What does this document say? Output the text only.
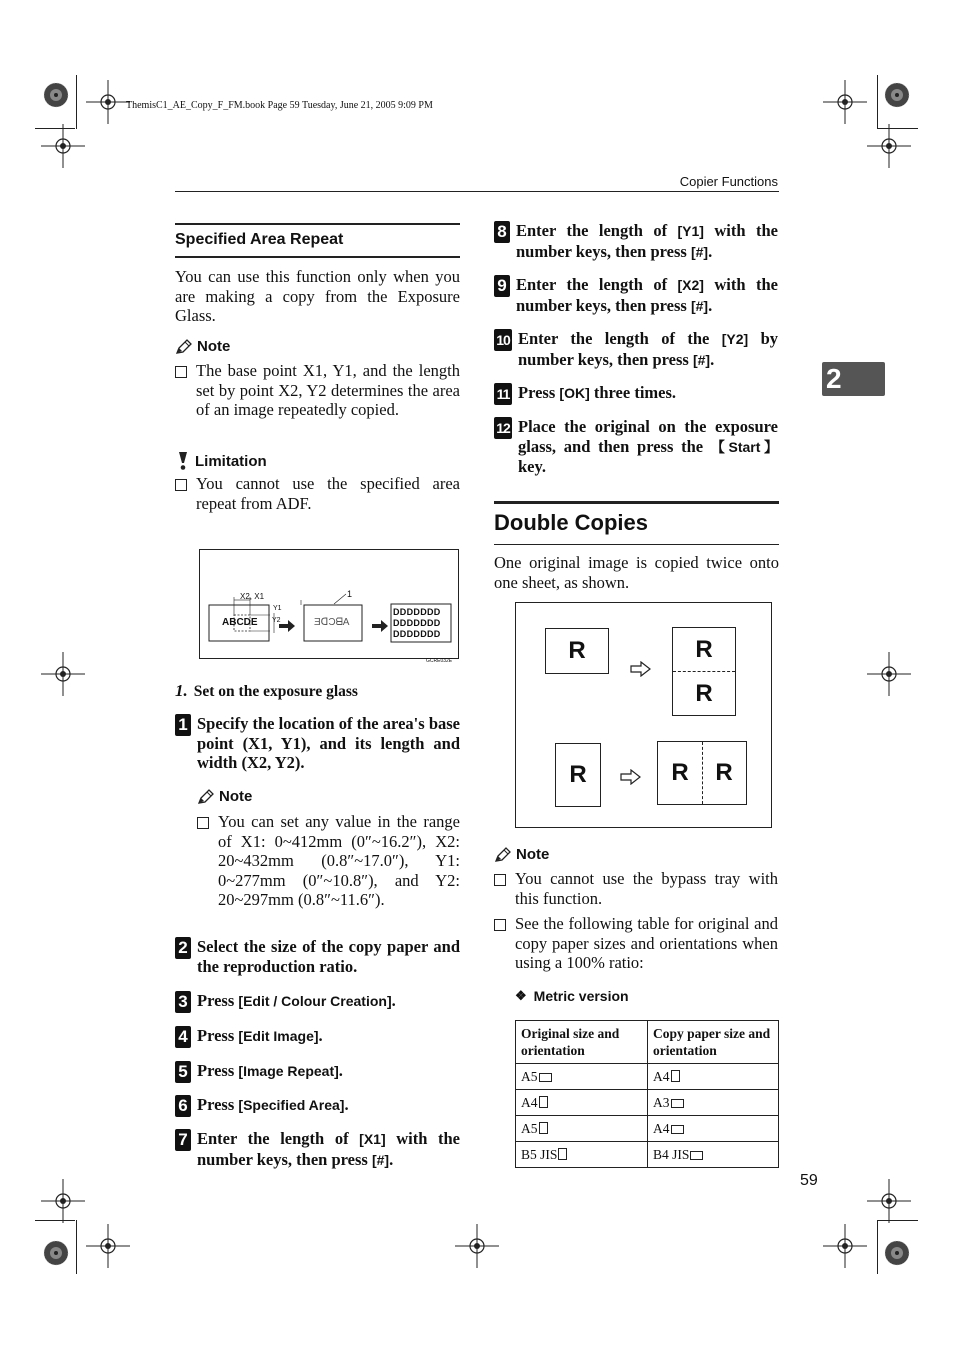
ThemisC1_AE_Copy_F_FM.book Page 59 Tuesday, June 21, 2005 9:09 PM
Copier Functions
2
Specified Area Repeat
You can use this function only when you are making a copy from the Exposure Glass.
Note
The base point X1, Y1, and the length set by point X2, Y2 determines the area of an image repeatedly copied.
Limitation
You cannot use the specified area repeat from ADF.
X2, X1
Y1
Y2
1
ABCDE	ƎᗡƆᗺA
DDDDDDD
DDDDDDD
DDDDDDD
GCRE032E
1. Set on the exposure glass
1 Specify the location of the area's base point (X1, Y1), and its length and width (X2, Y2).
Note
You can set any value in the range of X1: 0~412mm (0″~16.2″), X2: 20~432mm (0.8″~17.0″), Y1: 0~277mm (0″~10.8″), and Y2: 20~297mm (0.8″~11.6″).
2 Select the size of the copy paper and the reproduction ratio.
3 Press [Edit / Colour Creation].
4 Press [Edit Image].
5 Press [Image Repeat].
6 Press [Specified Area].
7 Enter the length of [X1] with the number keys, then press [#].
8 Enter the length of [Y1] with the number keys, then press [#].
9 Enter the length of [X2] with the number keys, then press [#].
10 Enter the length of the [Y2] by number keys, then press [#].
11 Press [OK] three times.
12 Place the original on the exposure glass, and then press the 【Start】 key.
Double Copies
One original image is copied twice onto one sheet, as shown.
R	R
R
R	R	R
Note
You cannot use the bypass tray with this function.
See the following table for original and copy paper sizes and orientations when using a 100% ratio:
❖ Metric version
Original size and orientation	Copy paper size and orientation
A5	A4
A4	A3
A5	A4
B5 JIS	B4 JIS
59
